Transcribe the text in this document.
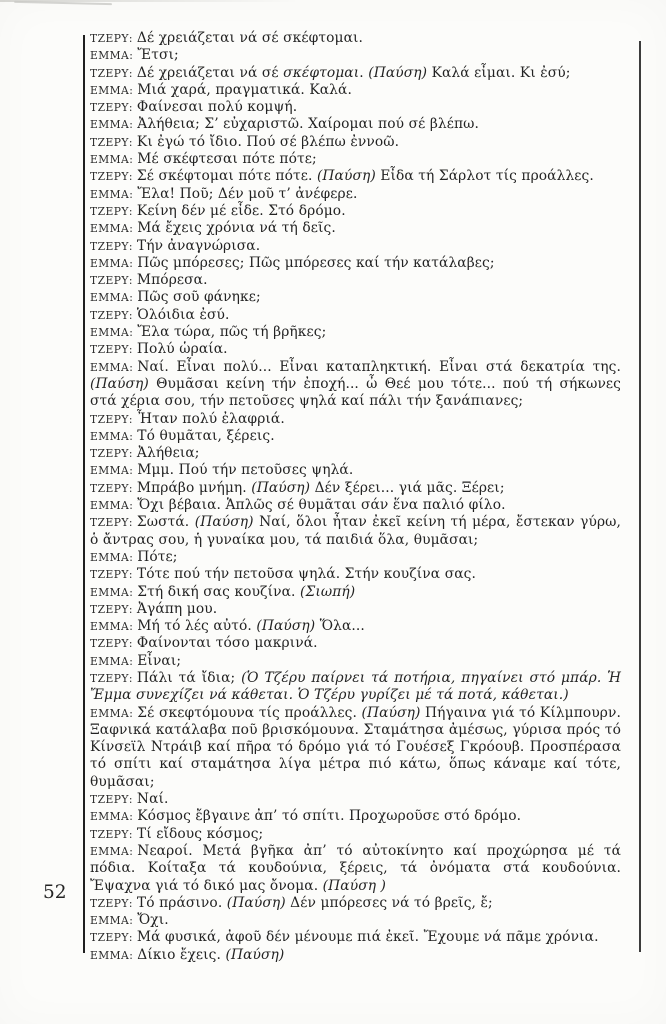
52

ΤΖΕΡΥ: Δέ χρειάζεται νά σέ σκέφτομαι.

ΕΜΜΑ: Ἔτσι;

ΤΖΕΡΥ: Δέ χρειάζεται νά σέ σκέφτομαι. (Παύση) Καλά εἶμαι. Κι ἐσύ;

ΕΜΜΑ: Μιά χαρά, πραγματικά. Καλά.

ΤΖΕΡΥ: Φαίνεσαι πολύ κομψή.

ΕΜΜΑ: Ἀλήθεια; Σ’ εὐχαριστῶ. Χαίρομαι πού σέ βλέπω.

ΤΖΕΡΥ: Κι ἐγώ τό ἴδιο. Πού σέ βλέπω ἐννοῶ.

ΕΜΜΑ: Μέ σκέφτεσαι πότε πότε;

ΤΖΕΡΥ: Σέ σκέφτομαι πότε πότε. (Παύση) Εἶδα τή Σάρλοτ τίς προάλλες.

ΕΜΜΑ: Ἔλα! Ποῦ; Δέν μοῦ τ’ ἀνέφερε.

ΤΖΕΡΥ: Κείνη δέν μέ εἶδε. Στό δρόμο.

ΕΜΜΑ: Μά ἔχεις χρόνια νά τή δεῖς.

ΤΖΕΡΥ: Τήν ἀναγνώρισα.

ΕΜΜΑ: Πῶς μπόρεσες; Πῶς μπόρεσες καί τήν κατάλαβες;

ΤΖΕΡΥ: Μπόρεσα.

ΕΜΜΑ: Πῶς σοῦ φάνηκε;

ΤΖΕΡΥ: Ὁλόιδια ἐσύ.

ΕΜΜΑ: Ἔλα τώρα, πῶς τή βρῆκες;

ΤΖΕΡΥ: Πολύ ὡραία.

ΕΜΜΑ: Ναί. Εἶναι πολύ... Εἶναι καταπληκτική. Εἶναι στά δεκατρία της. (Παύση) Θυμᾶσαι κείνη τήν ἐποχή... ὦ Θεέ μου τότε... πού τή σήκωνες στά χέρια σου, τήν πετοῦσες ψηλά καί πάλι τήν ξανάπιανες;

ΤΖΕΡΥ: Ἦταν πολύ ἐλαφριά.

ΕΜΜΑ: Τό θυμᾶται, ξέρεις.

ΤΖΕΡΥ: Ἀλήθεια;

ΕΜΜΑ: Μμμ. Πού τήν πετοῦσες ψηλά.

ΤΖΕΡΥ: Μπράβο μνήμη. (Παύση) Δέν ξέρει... γιά μᾶς. Ξέρει;

ΕΜΜΑ: Ὄχι βέβαια. Ἁπλῶς σέ θυμᾶται σάν ἕνα παλιό φίλο.

ΤΖΕΡΥ: Σωστά. (Παύση) Ναί, ὅλοι ἦταν ἐκεῖ κείνη τή μέρα, ἔστεκαν γύρω, ὁ ἄντρας σου, ἡ γυναίκα μου, τά παιδιά ὅλα, θυμᾶσαι;

ΕΜΜΑ: Πότε;

ΤΖΕΡΥ: Τότε πού τήν πετοῦσα ψηλά. Στήν κουζίνα σας.

ΕΜΜΑ: Στή δική σας κουζίνα. (Σιωπή)

ΤΖΕΡΥ: Ἀγάπη μου.

ΕΜΜΑ: Μή τό λές αὐτό. (Παύση) Ὅλα...

ΤΖΕΡΥ: Φαίνονται τόσο μακρινά.

ΕΜΜΑ: Εἶναι;

ΤΖΕΡΥ: Πάλι τά ἴδια; (Ὁ Τζέρυ παίρνει τά ποτήρια, πηγαίνει στό μπάρ. Ἡ Ἔμμα συνεχίζει νά κάθεται. Ὁ Τζέρυ γυρίζει μέ τά ποτά, κάθεται.)

ΕΜΜΑ: Σέ σκεφτόμουνα τίς προάλλες. (Παύση) Πήγαινα γιά τό Κίλμπουρν. Ξαφνικά κατάλαβα ποῦ βρισκόμουνα. Σταμάτησα ἀμέσως, γύρισα πρός τό Κίνσεϊλ Ντράιβ καί πῆρα τό δρόμο γιά τό Γουέσεξ Γκρόουβ. Προσπέρασα τό σπίτι καί σταμάτησα λίγα μέτρα πιό κάτω, ὅπως κάναμε καί τότε, θυμᾶσαι;

ΤΖΕΡΥ: Ναί.

ΕΜΜΑ: Κόσμος ἔβγαινε ἀπ’ τό σπίτι. Προχωροῦσε στό δρόμο.

ΤΖΕΡΥ: Τί εἴδους κόσμος;

ΕΜΜΑ: Νεαροί. Μετά βγῆκα ἀπ’ τό αὐτοκίνητο καί προχώρησα μέ τά πόδια. Κοίταξα τά κουδούνια, ξέρεις, τά ὀνόματα στά κουδούνια. Ἔψαχνα γιά τό δικό μας ὄνομα. (Παύση )

ΤΖΕΡΥ: Τό πράσινο. (Παύση) Δέν μπόρεσες νά τό βρεῖς, ἔ;

ΕΜΜΑ: Ὄχι.

ΤΖΕΡΥ: Μά φυσικά, ἀφοῦ δέν μένουμε πιά ἐκεῖ. Ἔχουμε νά πᾶμε χρόνια.

ΕΜΜΑ: Δίκιο ἔχεις. (Παύση)
